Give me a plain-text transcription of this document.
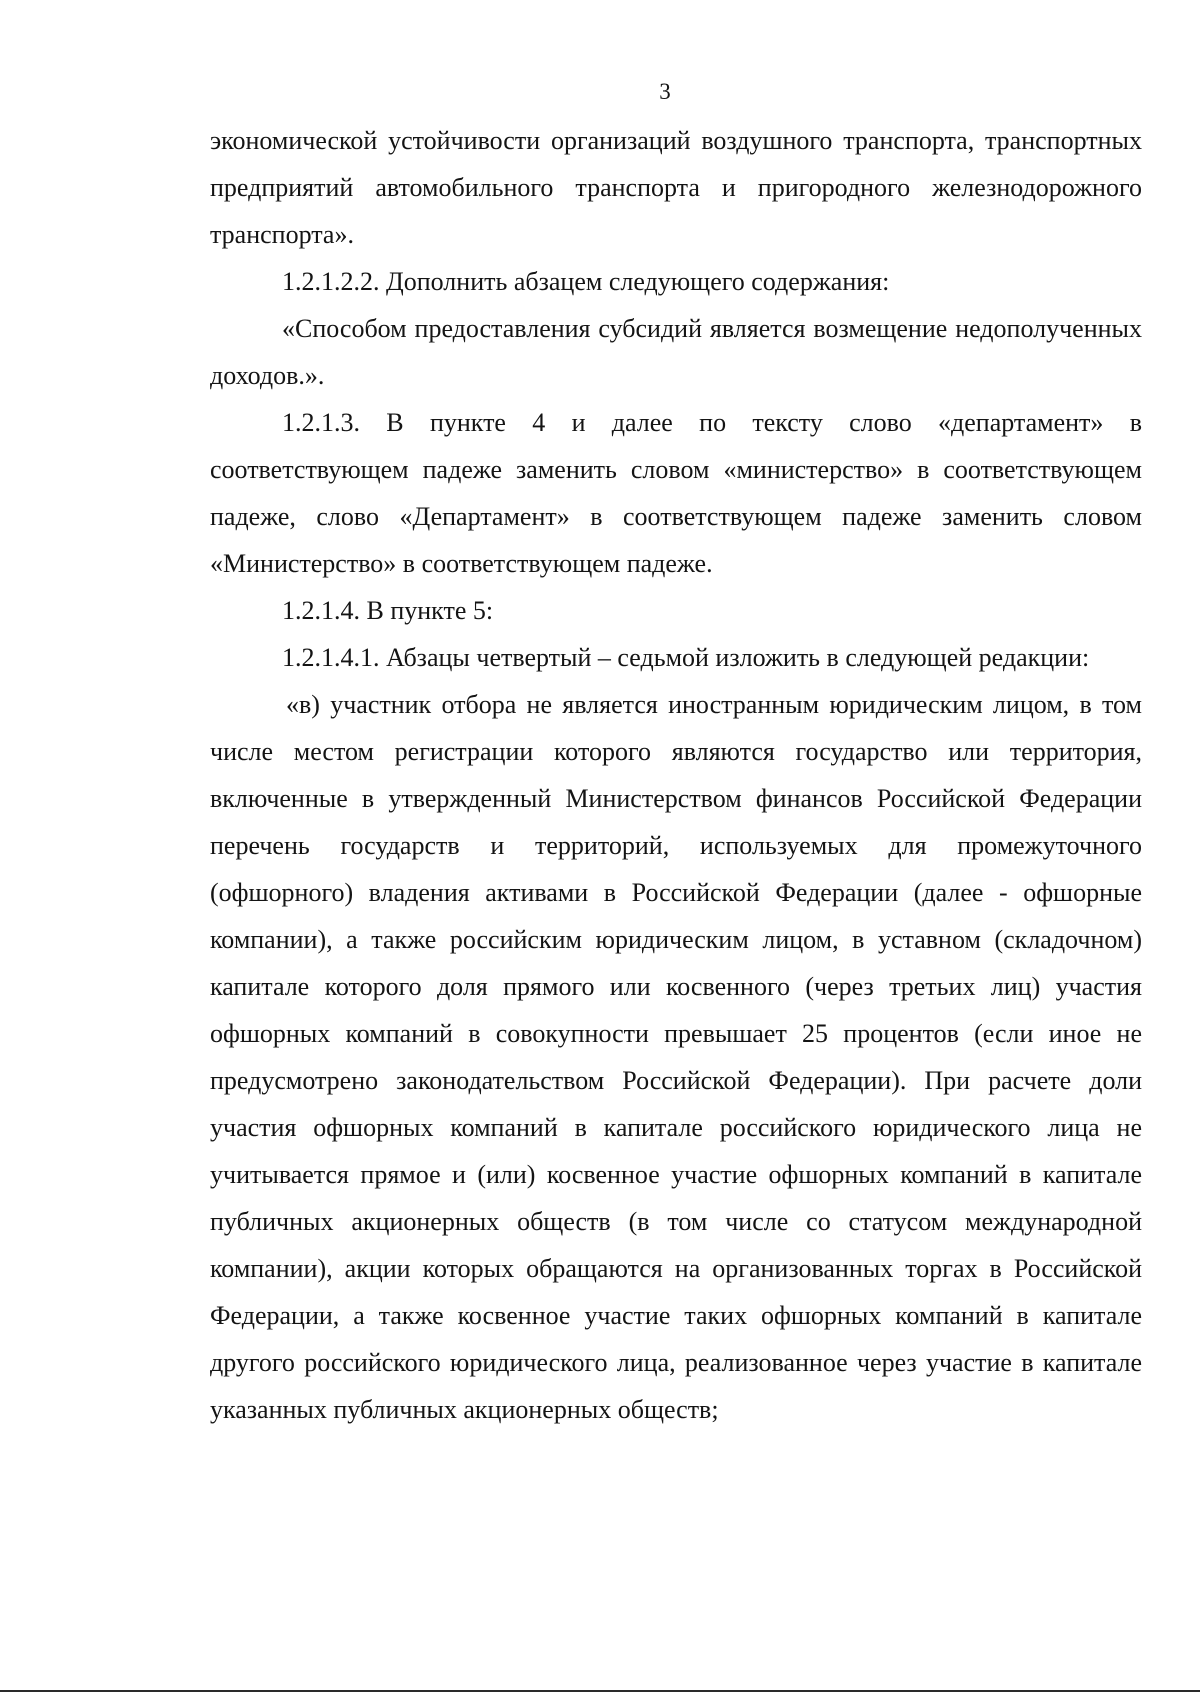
3

экономической устойчивости организаций воздушного транспорта, транспортных предприятий автомобильного транспорта и пригородного железнодорожного транспорта».

1.2.1.2.2. Дополнить абзацем следующего содержания:

«Способом предоставления субсидий является возмещение недополученных доходов.».

1.2.1.3. В пункте 4 и далее по тексту слово «департамент» в соответствующем падеже заменить словом «министерство» в соответствующем падеже, слово «Департамент» в соответствующем падеже заменить словом «Министерство» в соответствующем падеже.

1.2.1.4. В пункте 5:

1.2.1.4.1. Абзацы четвертый – седьмой изложить в следующей редакции:

«в) участник отбора не является иностранным юридическим лицом, в том числе местом регистрации которого являются государство или территория, включенные в утвержденный Министерством финансов Российской Федерации перечень государств и территорий, используемых для промежуточного (офшорного) владения активами в Российской Федерации (далее - офшорные компании), а также российским юридическим лицом, в уставном (складочном) капитале которого доля прямого или косвенного (через третьих лиц) участия офшорных компаний в совокупности превышает 25 процентов (если иное не предусмотрено законодательством Российской Федерации). При расчете доли участия офшорных компаний в капитале российского юридического лица не учитывается прямое и (или) косвенное участие офшорных компаний в капитале публичных акционерных обществ (в том числе со статусом международной компании), акции которых обращаются на организованных торгах в Российской Федерации, а также косвенное участие таких офшорных компаний в капитале другого российского юридического лица, реализованное через участие в капитале указанных публичных акционерных обществ;
